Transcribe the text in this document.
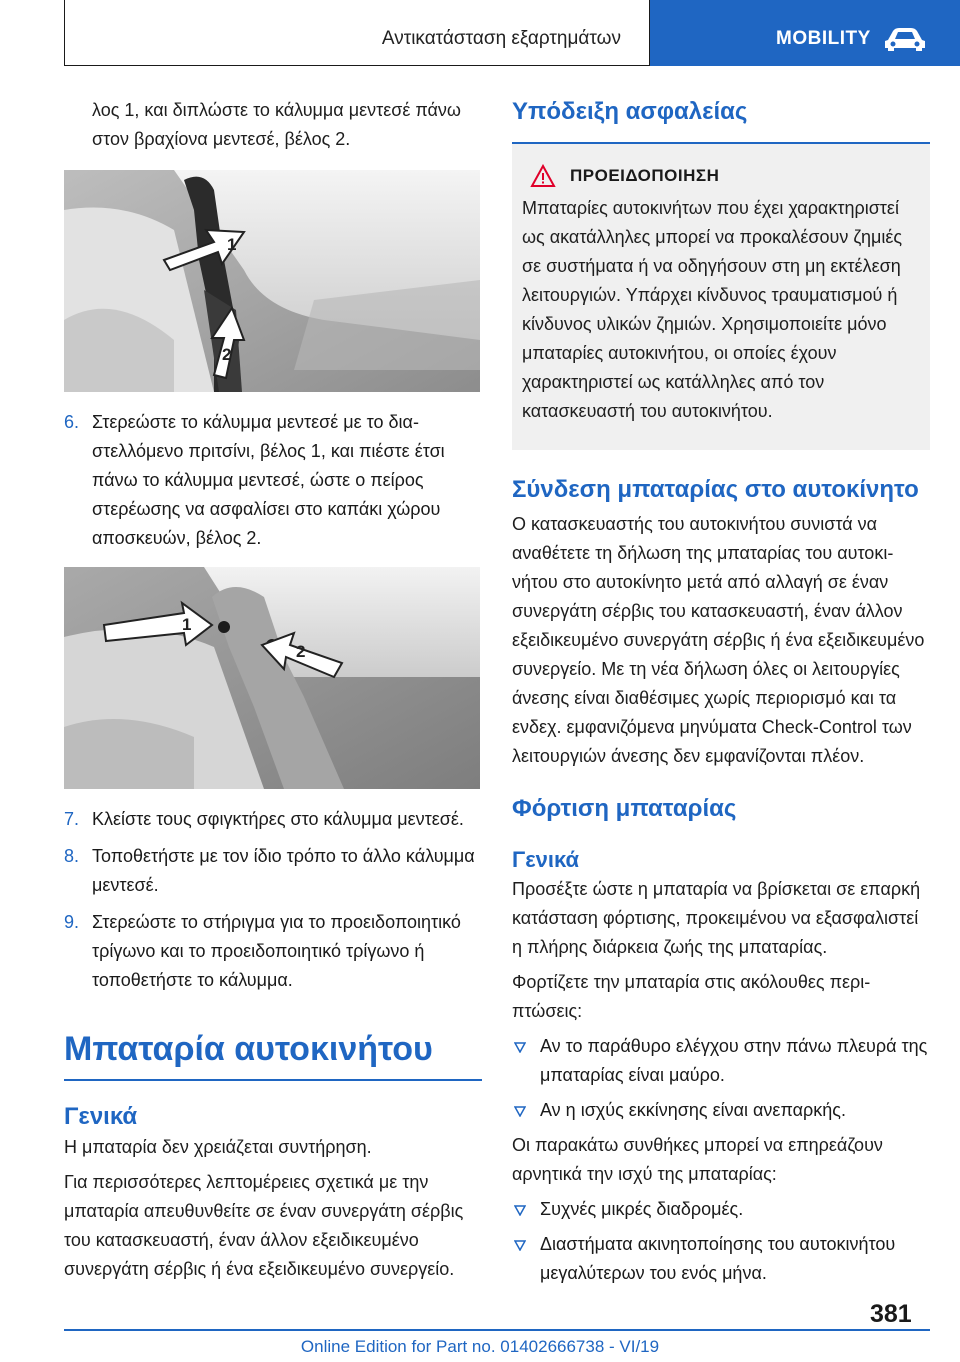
Αντικατάσταση εξαρτημάτων	MOBILITY

λος 1, και διπλώστε το κάλυμμα μεντεσέ πάνω στον βραχίονα μεντεσέ, βέλος 2.

1
2
6. Στερεώστε το κάλυμμα μεντεσέ με το διαστελλόμενο πριτσίνι, βέλος 1, και πιέστε έτσι πάνω το κάλυμμα μεντεσέ, ώστε ο πείρος στερέωσης να ασφαλίσει στο καπάκι χώρου αποσκευών, βέλος 2.
1
2
7. Κλείστε τους σφιγκτήρες στο κάλυμμα μεντεσέ.
8. Τοποθετήστε με τον ίδιο τρόπο το άλλο κάλυμμα μεντεσέ.
9. Στερεώστε το στήριγμα για το προειδοποιητικό τρίγωνο και το προειδοποιητικό τρίγωνο ή τοποθετήστε το κάλυμμα.
Μπαταρία αυτοκινήτου
Γενικά

Η μπαταρία δεν χρειάζεται συντήρηση.

Για περισσότερες λεπτομέρειες σχετικά με την μπαταρία απευθυνθείτε σε έναν συνεργάτη σέρβις του κατασκευαστή, έναν άλλον εξειδικευμένο συνεργάτη σέρβις ή ένα εξειδικευμένο συνεργείο.

Υπόδειξη ασφαλείας
ΠΡΟΕΙΔΟΠΟΙΗΣΗ

Μπαταρίες αυτοκινήτων που έχει χαρακτηριστεί ως ακατάλληλες μπορεί να προκαλέσουν ζημιές σε συστήματα ή να οδηγήσουν στη μη εκτέλεση λειτουργιών. Υπάρχει κίνδυνος τραυματισμού ή κίνδυνος υλικών ζημιών. Χρησιμοποιείτε μόνο μπαταρίες αυτοκινήτου, οι οποίες έχουν χαρακτηριστεί ως κατάλληλες από τον κατασκευαστή του αυτοκινήτου.

Σύνδεση μπαταρίας στο αυτοκίνητο

Ο κατασκευαστής του αυτοκινήτου συνιστά να αναθέτετε τη δήλωση της μπαταρίας του αυτοκινήτου στο αυτοκίνητο μετά από αλλαγή σε έναν συνεργάτη σέρβις του κατασκευαστή, έναν άλλον εξειδικευμένο συνεργάτη σέρβις ή ένα εξειδικευμένο συνεργείο. Με τη νέα δήλωση όλες οι λειτουργίες άνεσης είναι διαθέσιμες χωρίς περιορισμό και τα ενδεχ. εμφανιζόμενα μηνύματα Check-Control των λειτουργιών άνεσης δεν εμφανίζονται πλέον.

Φόρτιση μπαταρίας
Γενικά

Προσέξτε ώστε η μπαταρία να βρίσκεται σε επαρκή κατάσταση φόρτισης, προκειμένου να εξασφαλιστεί η πλήρης διάρκεια ζωής της μπαταρίας.

Φορτίζετε την μπαταρία στις ακόλουθες περιπτώσεις:

Αν το παράθυρο ελέγχου στην πάνω πλευρά της μπαταρίας είναι μαύρο.
Αν η ισχύς εκκίνησης είναι ανεπαρκής.

Οι παρακάτω συνθήκες μπορεί να επηρεάζουν αρνητικά την ισχύ της μπαταρίας:

Συχνές μικρές διαδρομές.
Διαστήματα ακινητοποίησης του αυτοκινήτου μεγαλύτερων του ενός μήνα.
381
Online Edition for Part no. 01402666738 - VI/19
